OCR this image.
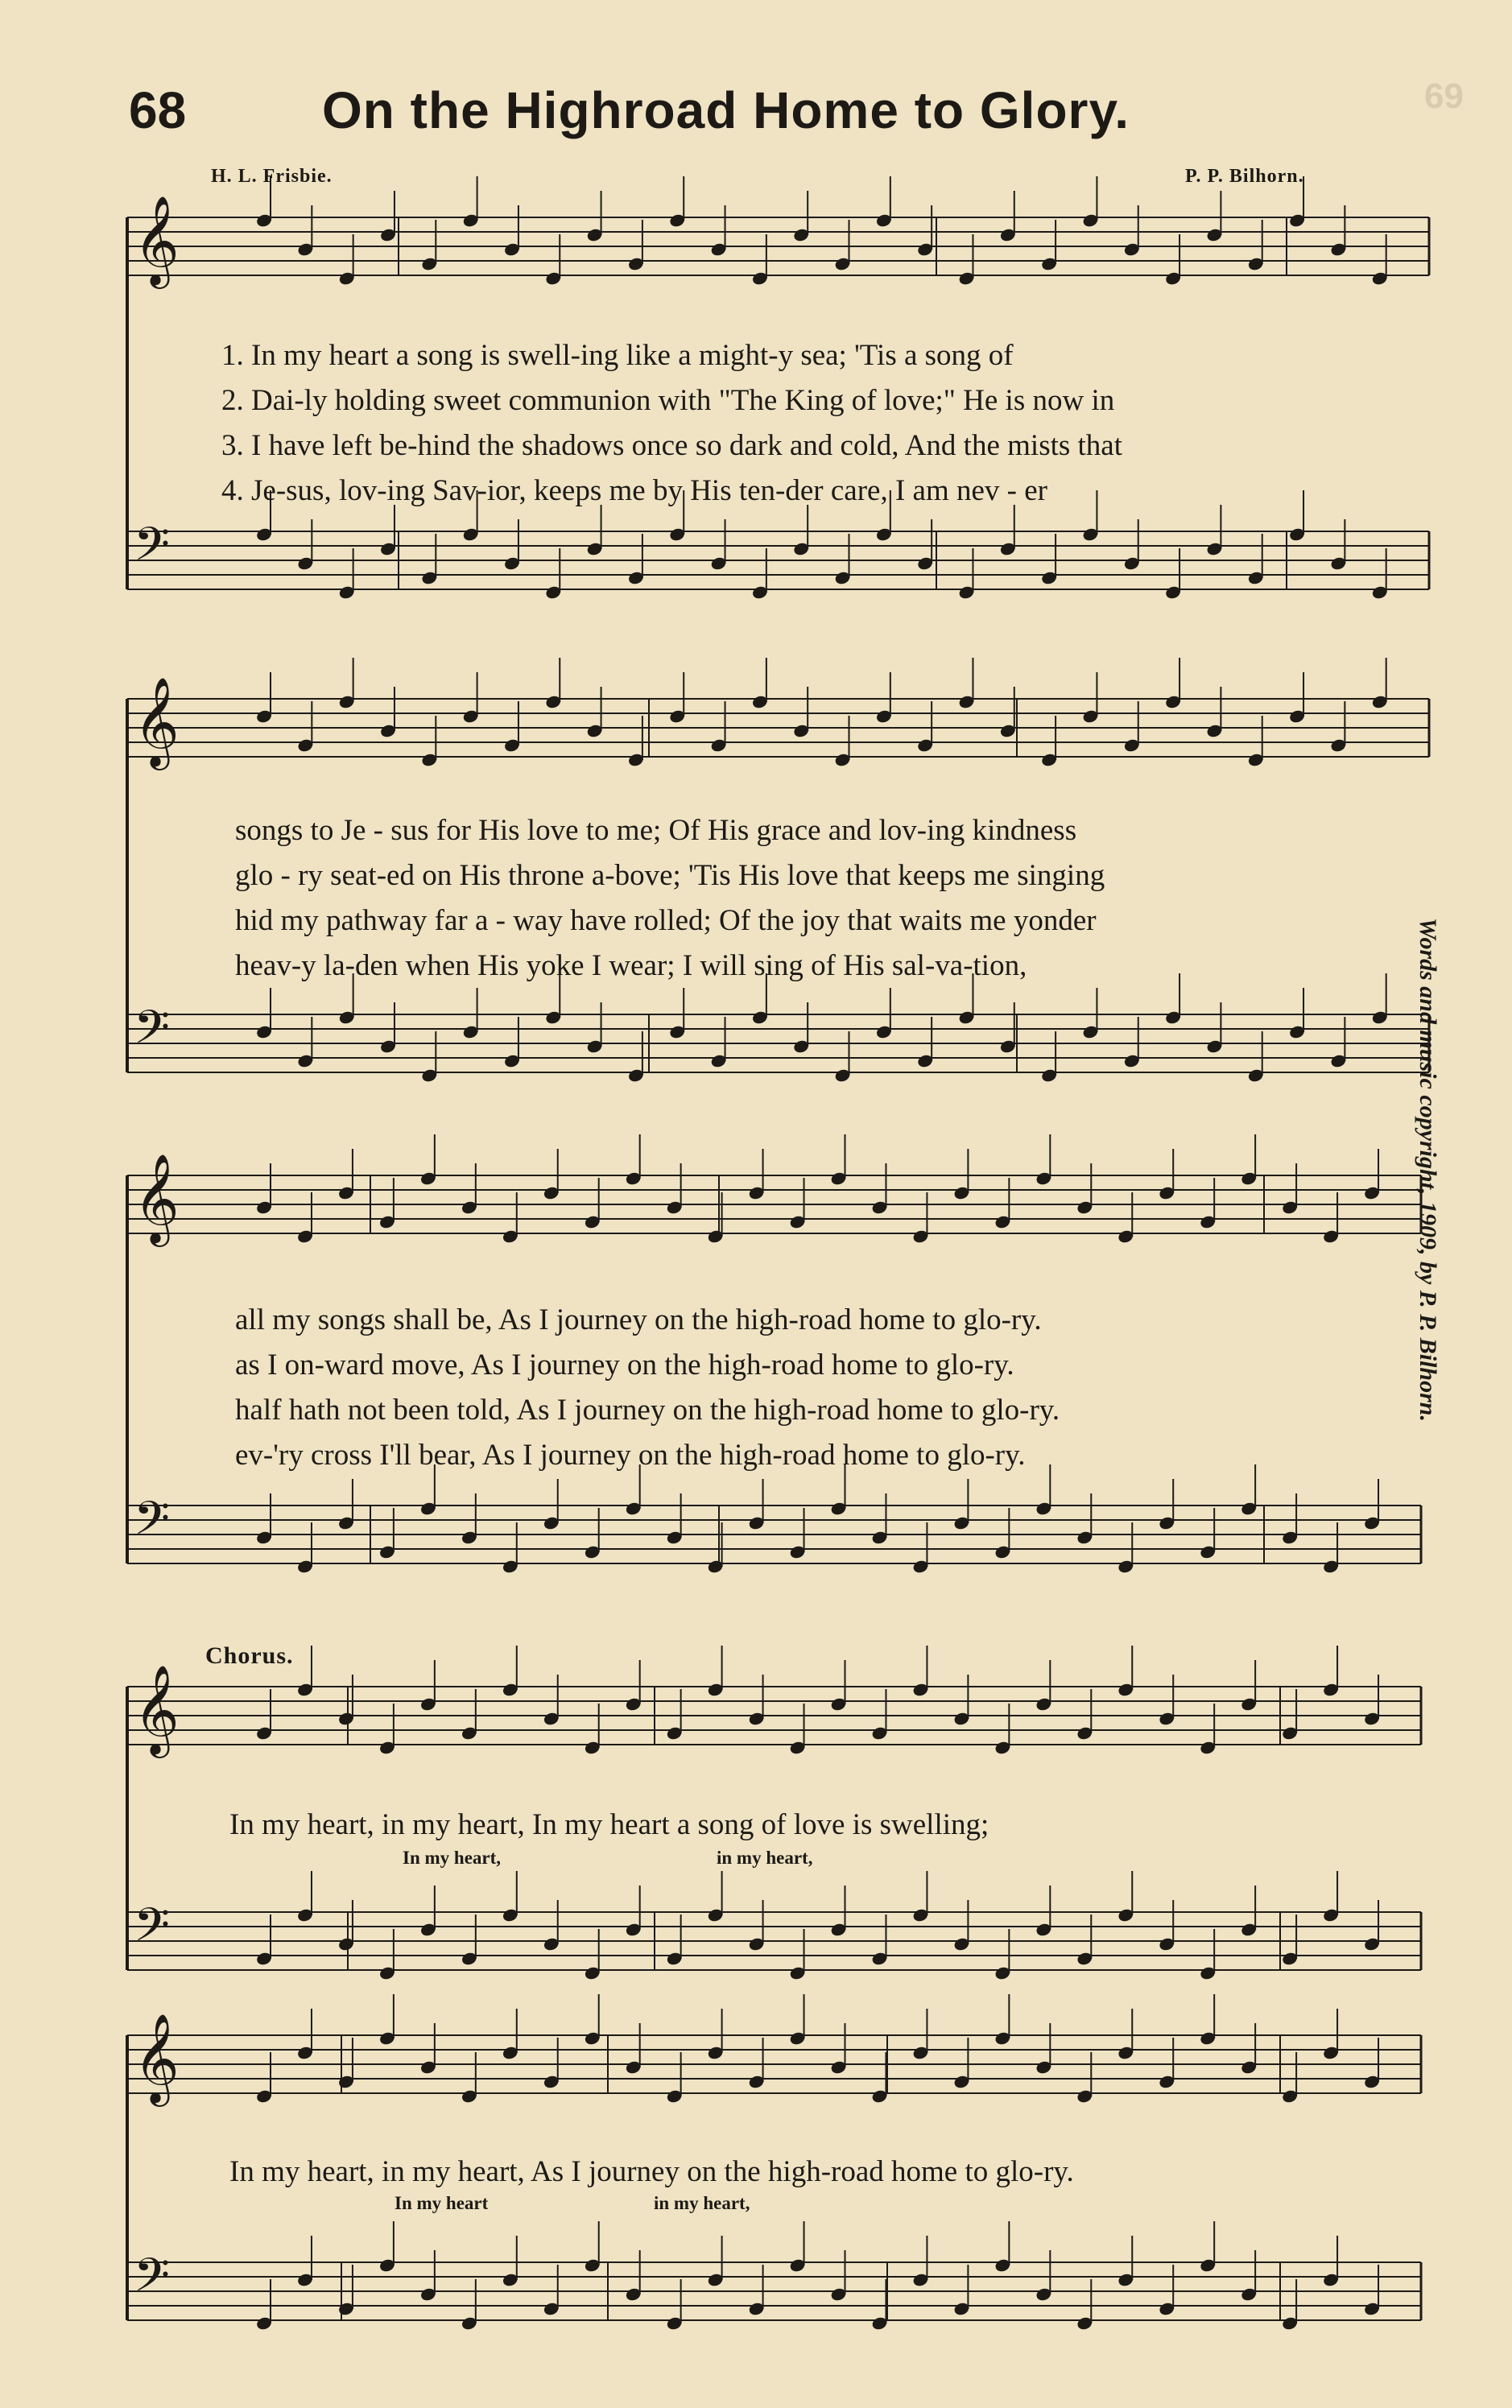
69
68	On the Highroad Home to Glory.
H. L. Frisbie.	P. P. Bilhorn.
𝄞
𝄢
𝄞
𝄢
𝄞
𝄢
𝄞
𝄢
𝄞
𝄢
1. In my heart a song is swell-ing like a might-y sea; 'Tis a song of
2. Dai-ly holding sweet communion with "The King of love;" He is now in
3. I have left be-hind the shadows once so dark and cold, And the mists that
4. Je-sus, lov-ing Sav-ior, keeps me by His ten-der care, I am nev - er
songs to Je - sus for His love to me; Of His grace and lov-ing kindness
glo - ry seat-ed on His throne a-bove; 'Tis His love that keeps me singing
hid my pathway far a - way have rolled; Of the joy that waits me yonder
heav-y la-den when His yoke I wear; I will sing of His sal-va-tion,
all my songs shall be, As I journey on the high-road home to glo-ry.
as I on-ward move, As I journey on the high-road home to glo-ry.
half hath not been told, As I journey on the high-road home to glo-ry.
ev-'ry cross I'll bear, As I journey on the high-road home to glo-ry.
Chorus.
In my heart, in my heart, In my heart a song of love is swelling;
In my heart,	in my heart,
In my heart, in my heart, As I journey on the high-road home to glo-ry.
In my heart	in my heart,
Words and music copyright, 1909, by P. P. Bilhorn.
